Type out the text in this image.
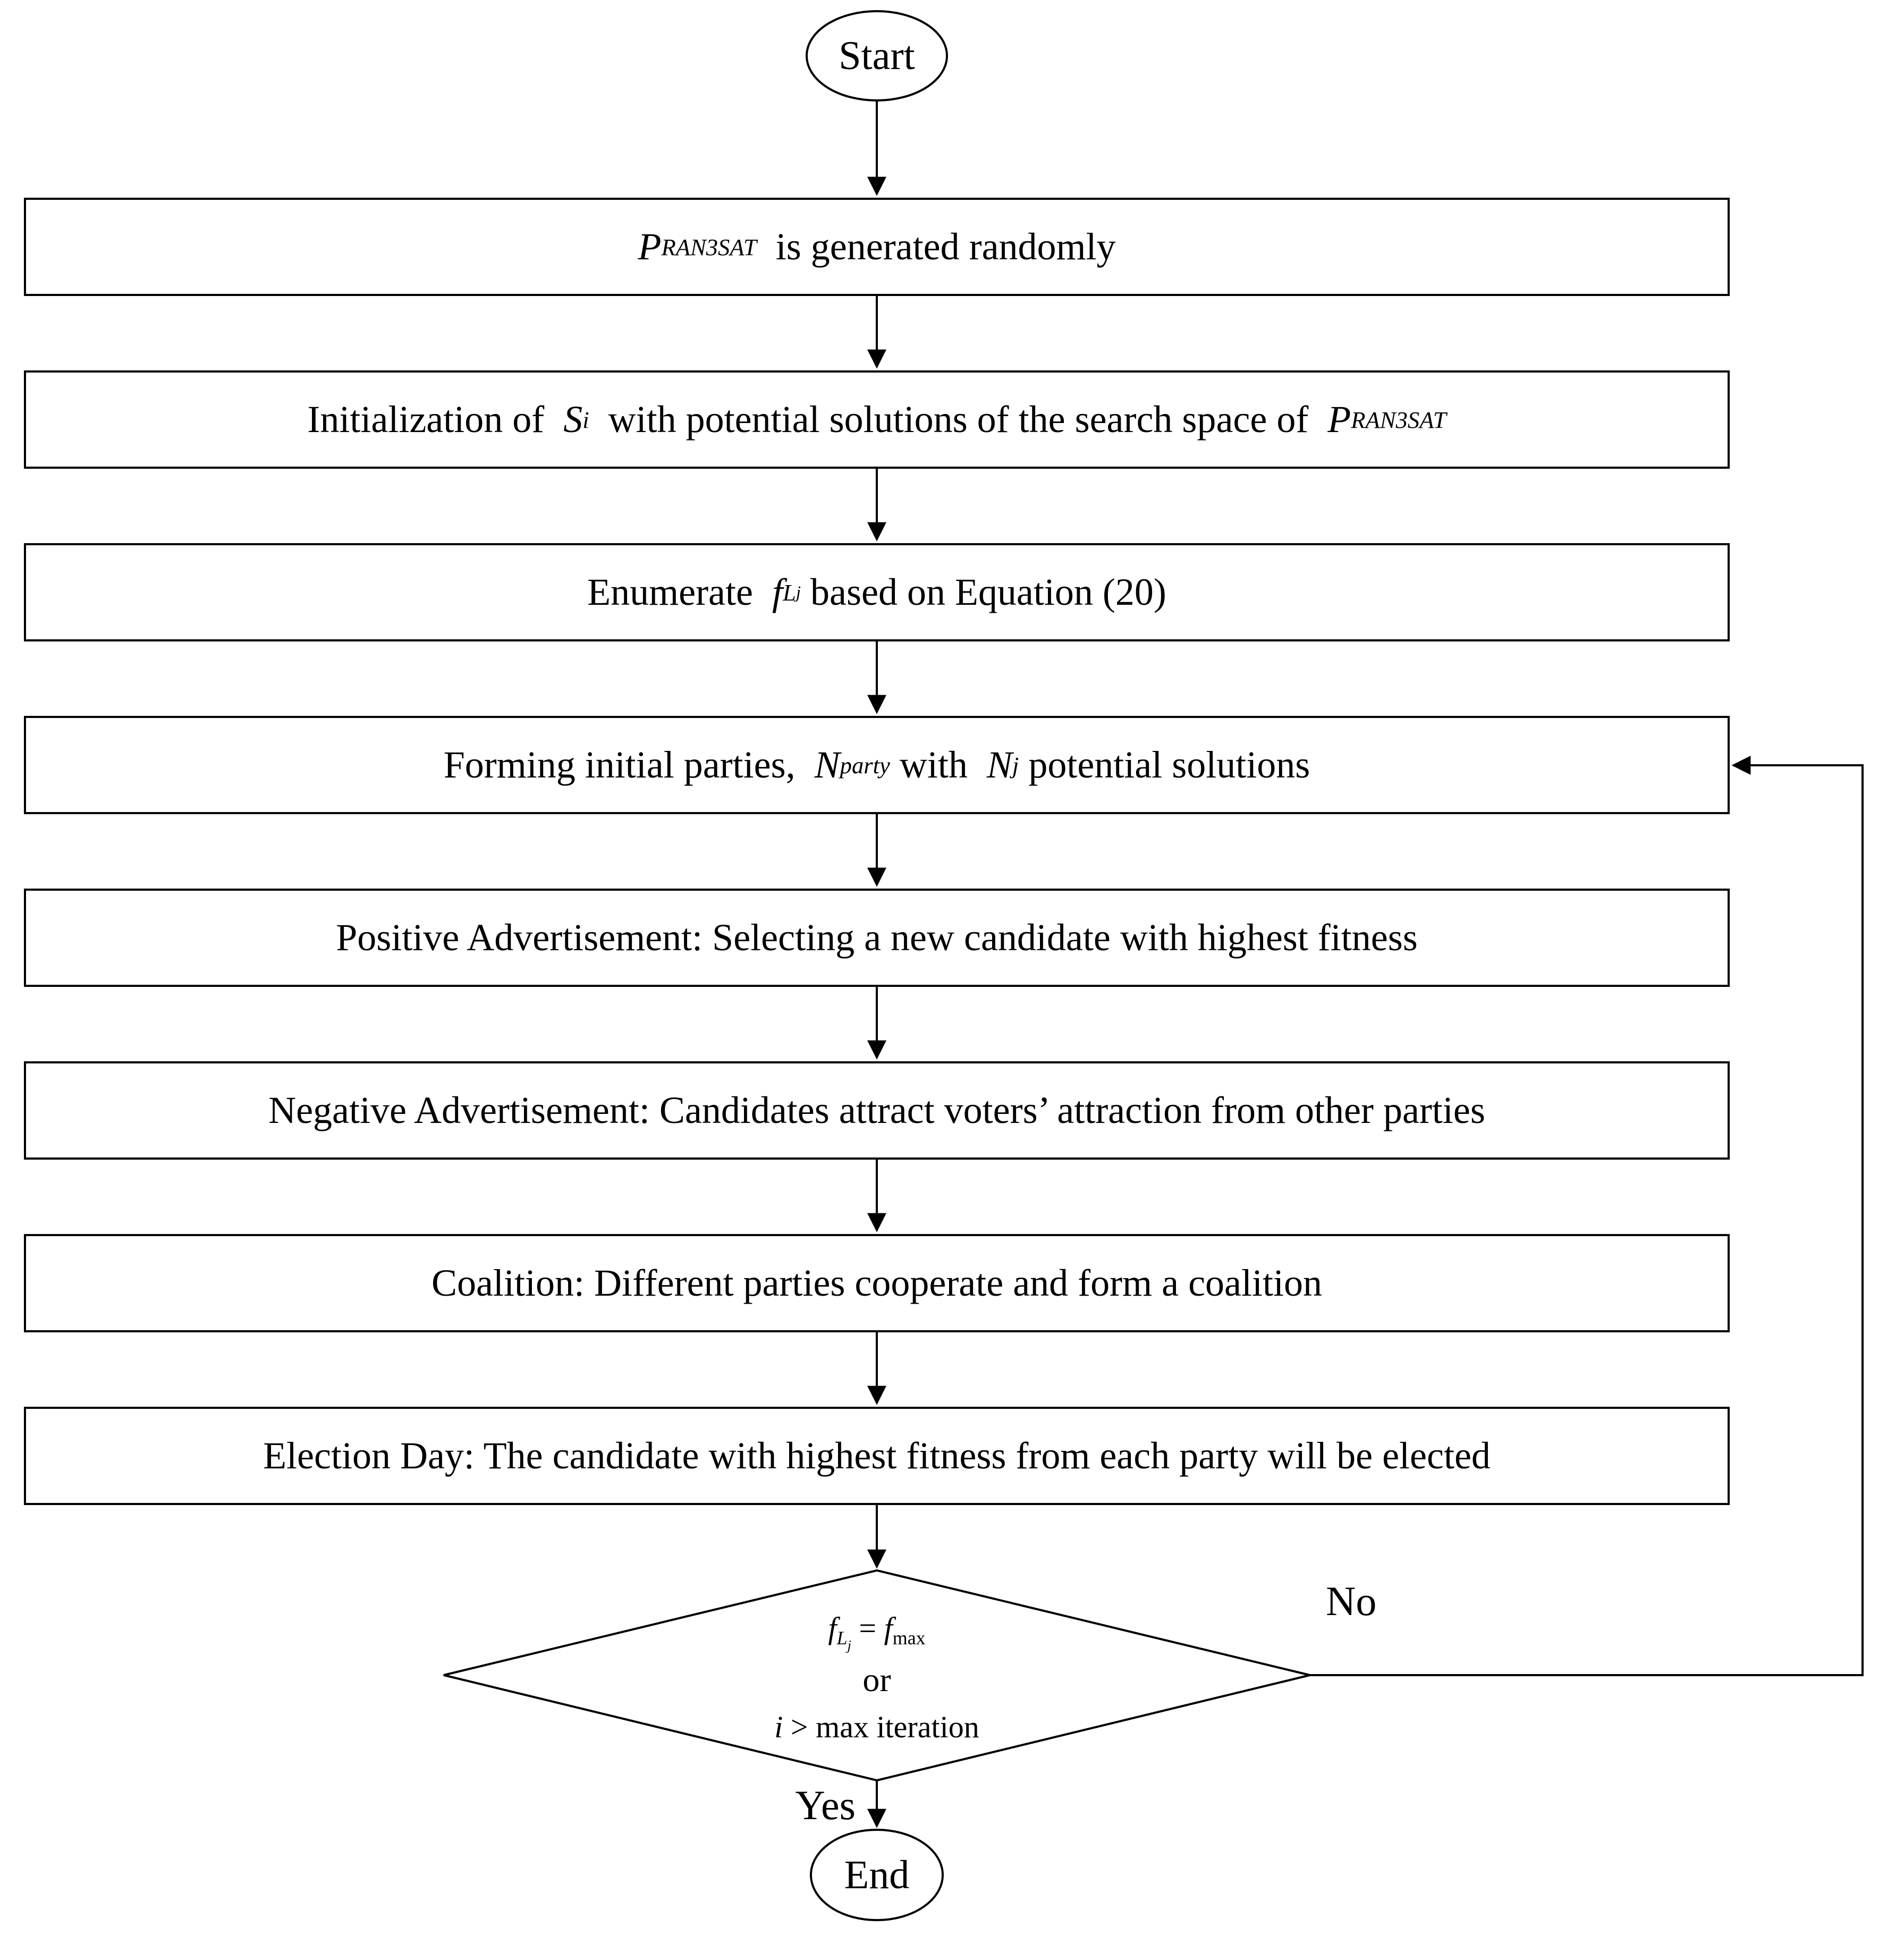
Start
P RAN3SAT is generated randomly
Initialization of S i with potential solutions of the search space of P RAN3SAT
Enumerate f L j based on Equation (20)
Forming initial parties, N party with N j potential solutions
Positive Advertisement: Selecting a new candidate with highest fitness
Negative Advertisement: Candidates attract voters’ attraction from other parties
Coalition: Different parties cooperate and form a coalition
Election Day: The candidate with highest fitness from each party will be elected
$fL_j = fmax$
or
i > max iteration
No
Yes
End
